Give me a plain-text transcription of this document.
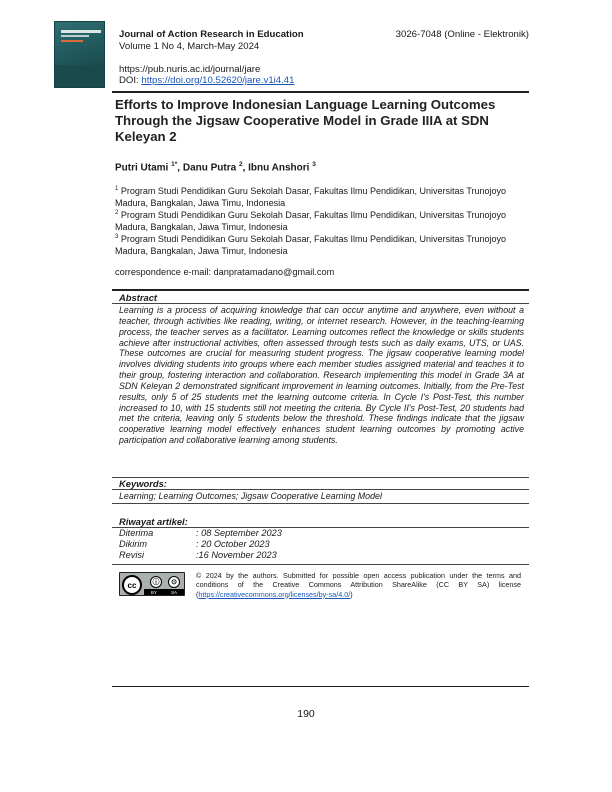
Journal of Action Research in Education	3026-7048 (Online - Elektronik)
Volume 1 No 4, March-May 2024
https://pub.nuris.ac.id/journal/jare
DOI: https://doi.org/10.52620/jare.v1i4.41
Efforts to Improve Indonesian Language Learning Outcomes Through the Jigsaw Cooperative Model in Grade IIIA at SDN Keleyan 2
Putri Utami $^{1*}$, Danu Putra $^2$, Ibnu Anshori $^3$
$^1$ Program Studi Pendidikan Guru Sekolah Dasar, Fakultas Ilmu Pendidikan, Universitas Trunojoyo Madura, Bangkalan, Jawa Timu, Indonesia
$^2$ Program Studi Pendidikan Guru Sekolah Dasar, Fakultas Ilmu Pendidikan, Universitas Trunojoyo Madura, Bangkalan, Jawa Timur, Indonesia
$^3$ Program Studi Pendidikan Guru Sekolah Dasar, Fakultas Ilmu Pendidikan, Universitas Trunojoyo Madura, Bangkalan, Jawa Timur, Indonesia
correspondence e-mail: danpratamadano@gmail.com
Abstract
Learning is a process of acquiring knowledge that can occur anytime and anywhere, even without a teacher, through activities like reading, writing, or internet research. However, in the teaching-learning process, the teacher serves as a facilitator. Learning outcomes reflect the knowledge or skills students achieve after instructional activities, often assessed through tests such as daily exams, UTS, or UAS. These outcomes are crucial for measuring student progress. The jigsaw cooperative learning model involves dividing students into groups where each member studies assigned material and teaches it to their group, fostering interaction and collaboration. Research implementing this model in Grade 3A at SDN Keleyan 2 demonstrated significant improvement in learning outcomes. Initially, from the Pre-Test results, only 5 of 25 students met the learning outcome criteria. In Cycle I's Post-Test, this number increased to 10, with 15 students still not meeting the criteria. By Cycle II's Post-Test, 20 students had met the criteria, leaving only 5 students below the threshold. These findings indicate that the jigsaw cooperative learning model effectively enhances student learning outcomes by promoting active participation and collaborative learning among students.
Keywords:
Learning; Learning Outcomes; Jigsaw Cooperative Learning Model
Riwayat artikel:
Diterima	: 08 September 2023
Dikirim	: 20 October 2023
Revisi	:16 November 2023
cc	ⓘ	⊙
BY	SA
© 2024 by the authors. Submitted for possible open access publication under the terms and conditions of the Creative Commons Attribution ShareAlike (CC BY SA) license (https://creativecommons.org/licenses/by-sa/4.0/)
190
